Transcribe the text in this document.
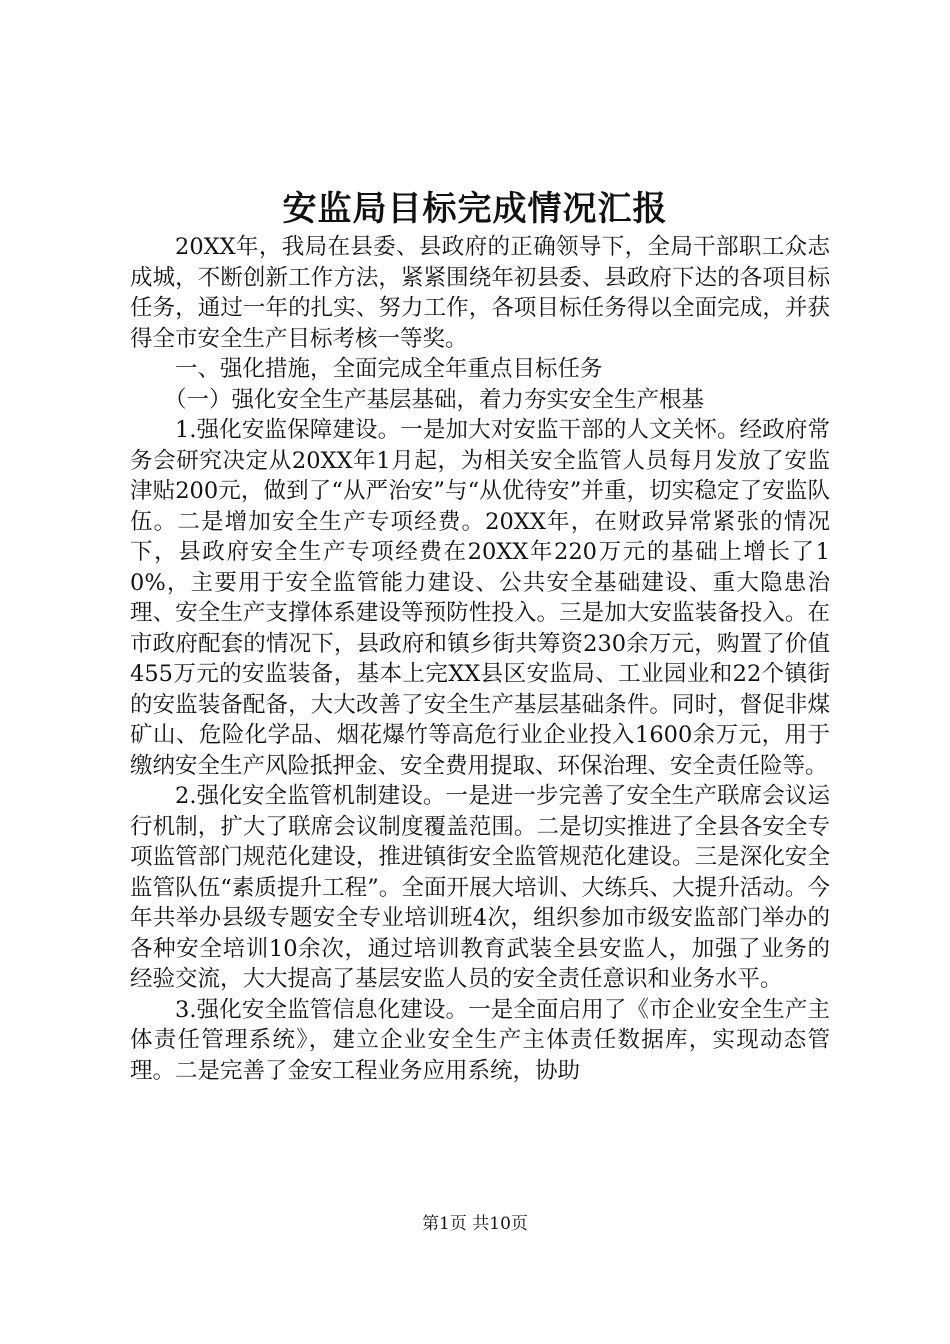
安监局目标完成情况汇报

20XX年，我局在县委、县政府的正确领导下，全局干部职工众志成城，不断创新工作方法，紧紧围绕年初县委、县政府下达的各项目标任务，通过一年的扎实、努力工作，各项目标任务得以全面完成，并获得全市安全生产目标考核一等奖。

一、强化措施，全面完成全年重点目标任务

（一）强化安全生产基层基础，着力夯实安全生产根基

1.强化安监保障建设。一是加大对安监干部的人文关怀。经政府常务会研究决定从20XX年1月起，为相关安全监管人员每月发放了安监津贴200元，做到了“从严治安”与“从优待安”并重，切实稳定了安监队伍。二是增加安全生产专项经费。20XX年，在财政异常紧张的情况下，县政府安全生产专项经费在20XX年220万元的基础上增长了10%，主要用于安全监管能力建设、公共安全基础建设、重大隐患治理、安全生产支撑体系建设等预防性投入。三是加大安监装备投入。在市政府配套的情况下，县政府和镇乡街共筹资230余万元，购置了价值455万元的安监装备，基本上完XX县区安监局、工业园业和22个镇街的安监装备配备，大大改善了安全生产基层基础条件。同时，督促非煤矿山、危险化学品、烟花爆竹等高危行业企业投入1600余万元，用于缴纳安全生产风险抵押金、安全费用提取、环保治理、安全责任险等。

2.强化安全监管机制建设。一是进一步完善了安全生产联席会议运行机制，扩大了联席会议制度覆盖范围。二是切实推进了全县各安全专项监管部门规范化建设，推进镇街安全监管规范化建设。三是深化安全监管队伍“素质提升工程”。全面开展大培训、大练兵、大提升活动。今年共举办县级专题安全专业培训班4次，组织参加市级安监部门举办的各种安全培训10余次，通过培训教育武装全县安监人，加强了业务的经验交流，大大提高了基层安监人员的安全责任意识和业务水平。

3.强化安全监管信息化建设。一是全面启用了《市企业安全生产主体责任管理系统》，建立企业安全生产主体责任数据库，实现动态管理。二是完善了金安工程业务应用系统，协助

第1页 共10页
